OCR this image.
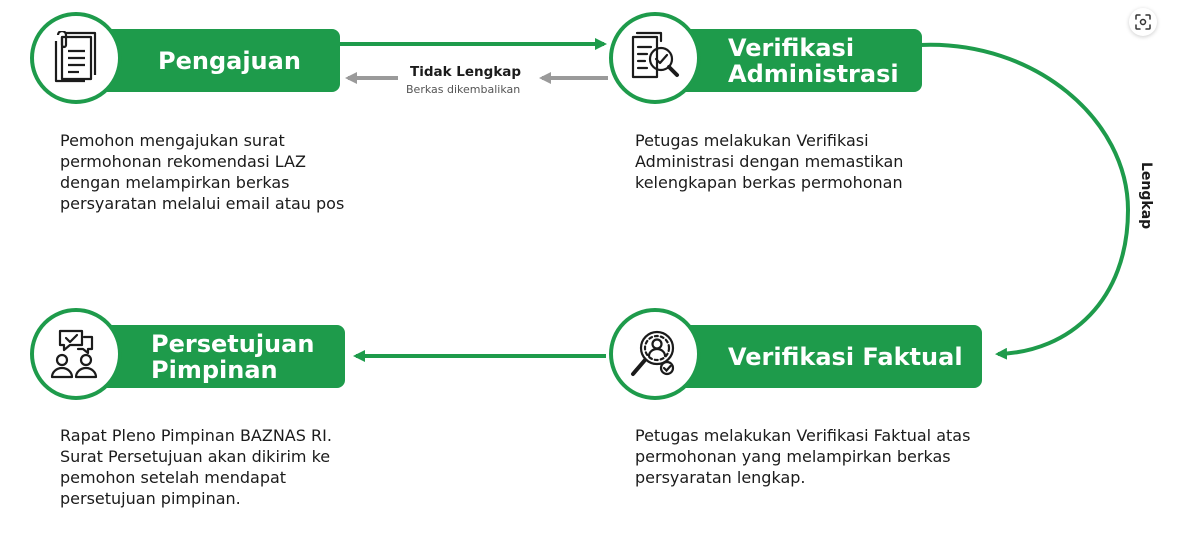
Pengajuan

Pemohon mengajukan surat
permohonan rekomendasi LAZ
dengan melampirkan berkas
persyaratan melalui email atau pos

Verifikasi
Administrasi

Petugas melakukan Verifikasi
Administrasi dengan memastikan
kelengkapan berkas permohonan

Tidak Lengkap
Berkas dikembalikan
Lengkap
Verifikasi Faktual

Petugas melakukan Verifikasi Faktual atas
permohonan yang melampirkan berkas
persyaratan lengkap.

Persetujuan
Pimpinan

Rapat Pleno Pimpinan BAZNAS RI.
Surat Persetujuan akan dikirim ke
pemohon setelah mendapat
persetujuan pimpinan.
